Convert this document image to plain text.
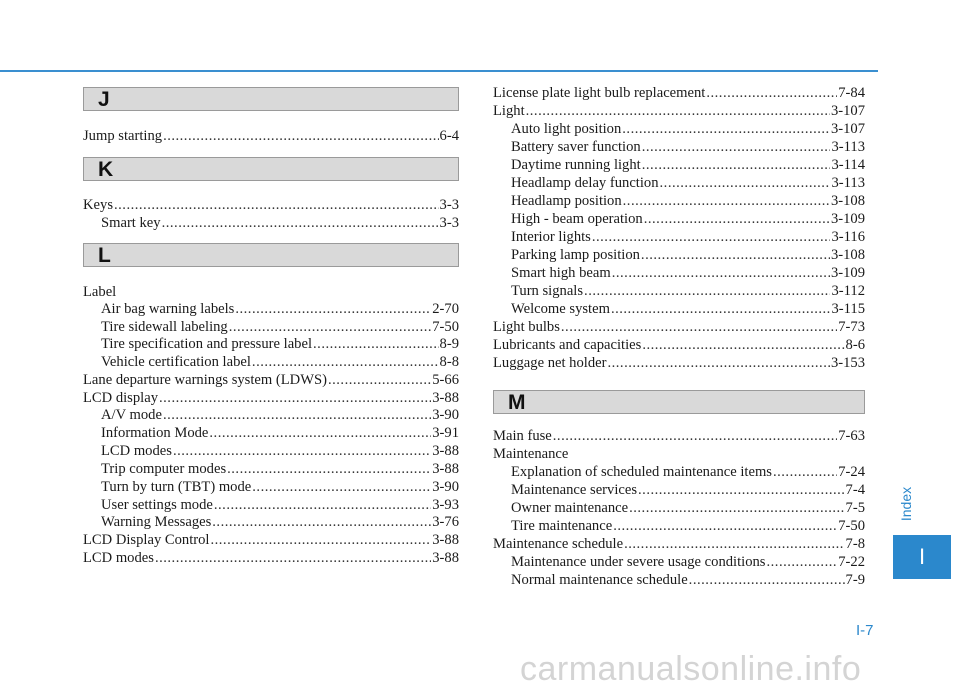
J
Jump starting .....	6-4
K
Keys .....	3-3
Smart key .....	3-3
L
Label
Air bag warning labels .....	2-70
Tire sidewall labeling .....	7-50
Tire specification and pressure label .....	8-9
Vehicle certification label .....	8-8
Lane departure warnings system (LDWS) .....	5-66
LCD display .....	3-88
A/V mode .....	3-90
Information Mode .....	3-91
LCD modes .....	3-88
Trip computer modes .....	3-88
Turn by turn (TBT) mode .....	3-90
User settings mode .....	3-93
Warning Messages .....	3-76
LCD Display Control .....	3-88
LCD modes .....	3-88
License plate light bulb replacement .....	7-84
Light .....	3-107
Auto light position .....	3-107
Battery saver function .....	3-113
Daytime running light .....	3-114
Headlamp delay function .....	3-113
Headlamp position .....	3-108
High - beam operation .....	3-109
Interior lights .....	3-116
Parking lamp position .....	3-108
Smart high beam .....	3-109
Turn signals .....	3-112
Welcome system .....	3-115
Light bulbs .....	7-73
Lubricants and capacities .....	8-6
Luggage net holder .....	3-153
M
Main fuse .....	7-63
Maintenance
Explanation of scheduled maintenance items .....	7-24
Maintenance services .....	7-4
Owner maintenance .....	7-5
Tire maintenance .....	7-50
Maintenance schedule .....	7-8
Maintenance under severe usage conditions .....	7-22
Normal maintenance schedule .....	7-9
Index
I
I-7
carmanualsonline.info
